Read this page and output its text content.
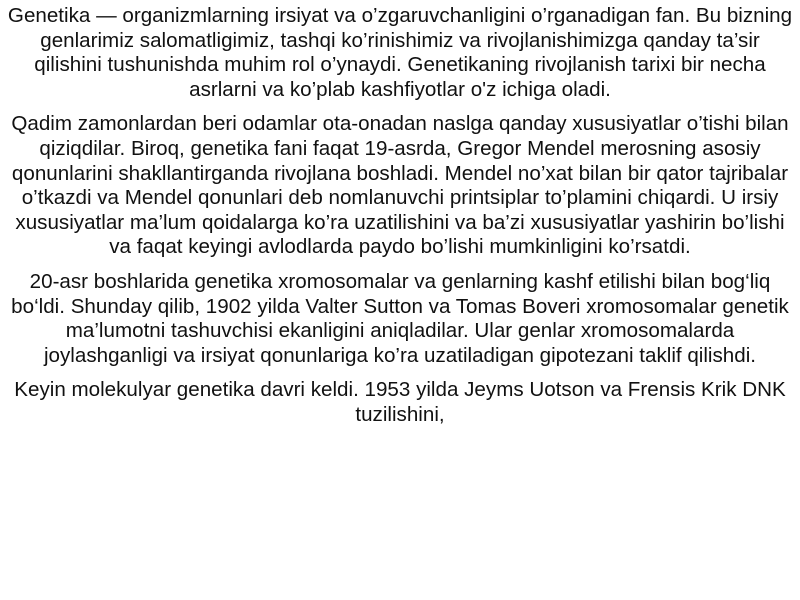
Genetika — organizmlarning irsiyat va o’zgaruvchanligini o’rganadigan fan. Bu bizning genlarimiz salomatligimiz, tashqi ko’rinishimiz va rivojlanishimizga qanday ta’sir qilishini tushunishda muhim rol o’ynaydi. Genetikaning rivojlanish tarixi bir necha asrlarni va ko’plab kashfiyotlar o'z ichiga oladi.

Qadim zamonlardan beri odamlar ota-onadan naslga qanday xususiyatlar o’tishi bilan qiziqdilar. Biroq, genetika fani faqat 19-asrda, Gregor Mendel merosning asosiy qonunlarini shakllantirganda rivojlana boshladi. Mendel no’xat bilan bir qator tajribalar o’tkazdi va Mendel qonunlari deb nomlanuvchi printsiplar to’plamini chiqardi. U irsiy xususiyatlar ma’lum qoidalarga ko’ra uzatilishini va ba’zi xususiyatlar yashirin bo’lishi va faqat keyingi avlodlarda paydo bo’lishi mumkinligini ko’rsatdi.

20-asr boshlarida genetika xromosomalar va genlarning kashf etilishi bilan bog‘liq bo‘ldi. Shunday qilib, 1902 yilda Valter Sutton va Tomas Boveri xromosomalar genetik ma’lumotni tashuvchisi ekanligini aniqladilar. Ular genlar xromosomalarda joylashganligi va irsiyat qonunlariga ko’ra uzatiladigan gipotezani taklif qilishdi.

Keyin molekulyar genetika davri keldi. 1953 yilda Jeyms Uotson va Frensis Krik DNK tuzilishini,
